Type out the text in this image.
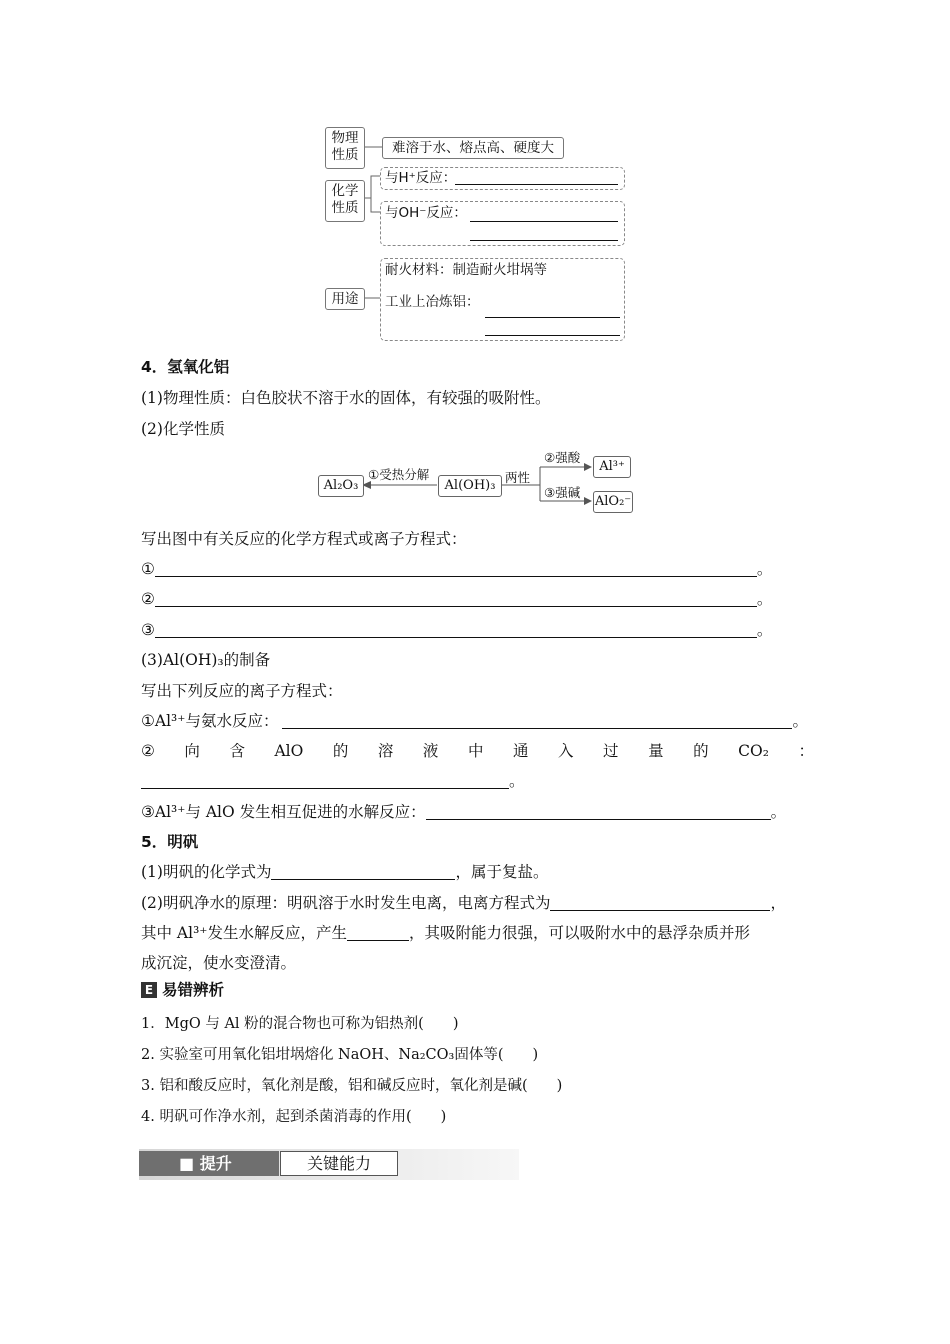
物理性质	难溶于水、熔点高、硬度大
化学性质
与H⁺反应：
与OH⁻反应：
用途
耐火材料：制造耐火坩埚等
工业上冶炼铝：
4．氢氧化铝
(1)物理性质：白色胶状不溶于水的固体，有较强的吸附性。
(2)化学性质
Al₂O₃
①受热分解
Al(OH)₃
两性
②强酸
③强碱
Al³⁺
AlO₂⁻
写出图中有关反应的化学方程式或离子方程式：
①	。
②	。
③	。
(3)Al(OH)₃的制备
写出下列反应的离子方程式：
①Al³⁺与氨水反应：	。
② 向 含 AlO 的 溶 液 中 通 入 过 量 的 CO₂ ：
。
③Al³⁺与 AlO 发生相互促进的水解反应：	。
5．明矾
(1)明矾的化学式为	，属于复盐。
(2)明矾净水的原理：明矾溶于水时发生电离，电离方程式为	，
其中 Al³⁺发生水解反应，产生	，其吸附能力很强，可以吸附水中的悬浮杂质并形
成沉淀，使水变澄清。
E 易错辨析
1．MgO 与 Al 粉的混合物也可称为铝热剂(　　)
2. 实验室可用氧化铝坩埚熔化 NaOH、Na₂CO₃固体等(　　)
3. 铝和酸反应时，氧化剂是酸，铝和碱反应时，氧化剂是碱(　　)
4. 明矾可作净水剂，起到杀菌消毒的作用(　　)
■ 提升	关键能力
